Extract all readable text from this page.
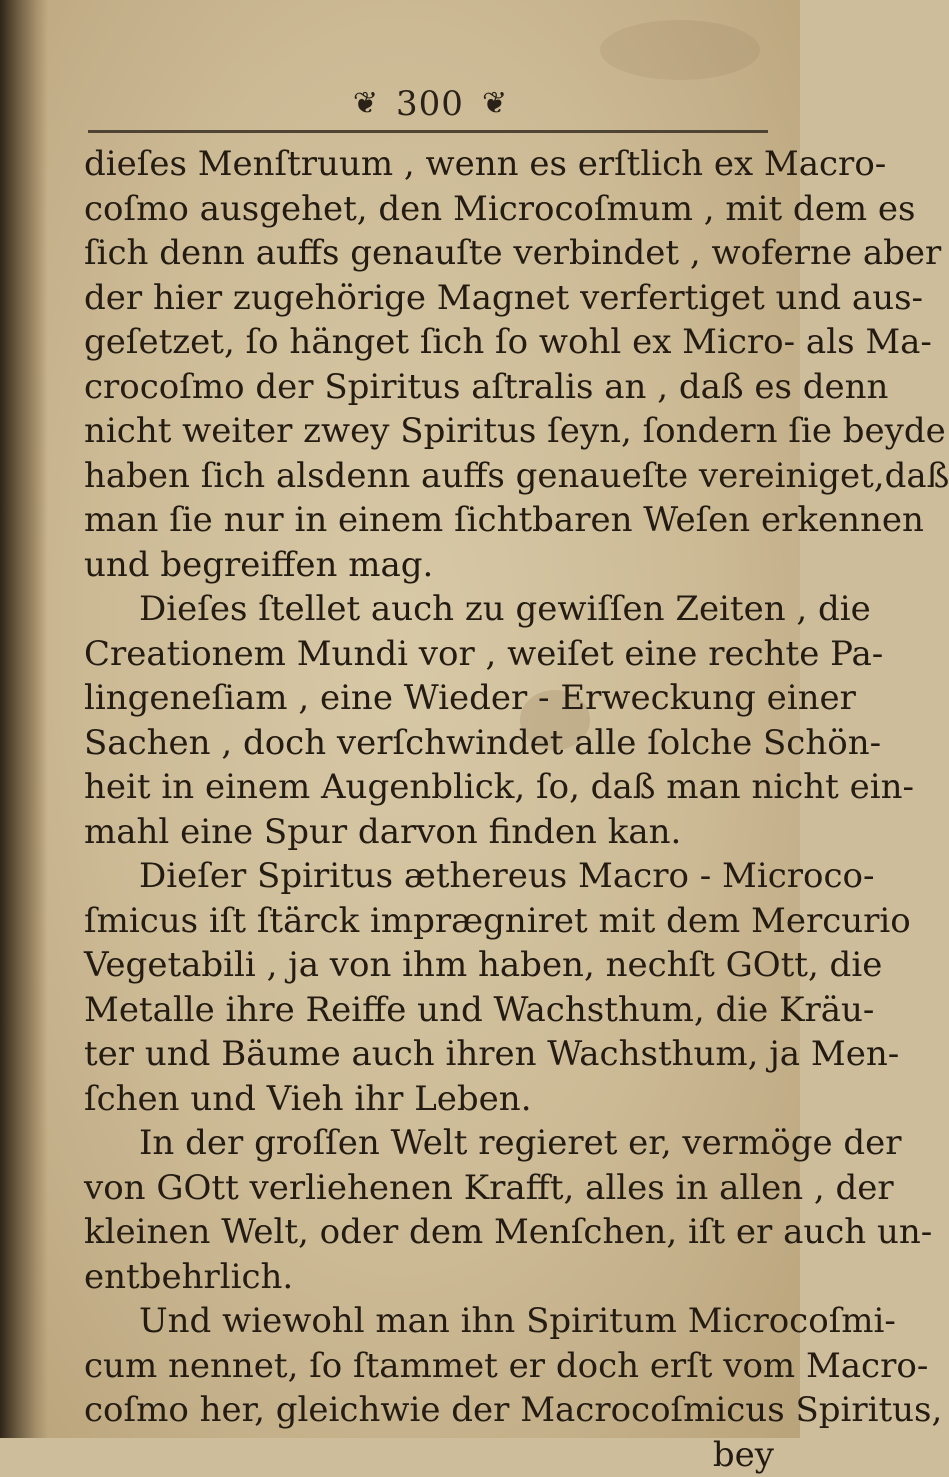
❦ 300 ❦
dieſes Menſtruum , wenn es erſtlich ex Macro-
coſmo ausgehet, den Microcoſmum , mit dem es
ſich denn auffs genauſte verbindet , woferne aber
der hier zugehörige Magnet verfertiget und aus-
geſetzet, ſo hänget ſich ſo wohl ex Micro- als Ma-
crocoſmo der Spiritus aſtralis an , daß es denn
nicht weiter zwey Spiritus ſeyn, ſondern ſie beyde
haben ſich alsdenn auffs genaueſte vereiniget,daß
man ſie nur in einem ſichtbaren Weſen erkennen
und begreiffen mag.
Dieſes ſtellet auch zu gewiſſen Zeiten , die
Creationem Mundi vor , weiſet eine rechte Pa-
lingeneſiam , eine Wieder - Erweckung einer
Sachen , doch verſchwindet alle ſolche Schön-
heit in einem Augenblick, ſo, daß man nicht ein-
mahl eine Spur darvon finden kan.
Dieſer Spiritus æthereus Macro - Microco-
ſmicus iſt ſtärck imprægniret mit dem Mercurio
Vegetabili , ja von ihm haben, nechſt GOtt, die
Metalle ihre Reiffe und Wachsthum, die Kräu-
ter und Bäume auch ihren Wachsthum, ja Men-
ſchen und Vieh ihr Leben.
In der groſſen Welt regieret er, vermöge der
von GOtt verliehenen Krafft, alles in allen , der
kleinen Welt, oder dem Menſchen, iſt er auch un-
entbehrlich.
Und wiewohl man ihn Spiritum Microcoſmi-
cum nennet, ſo ſtammet er doch erſt vom Macro-
coſmo her, gleichwie der Macrocoſmicus Spiritus,
bey
